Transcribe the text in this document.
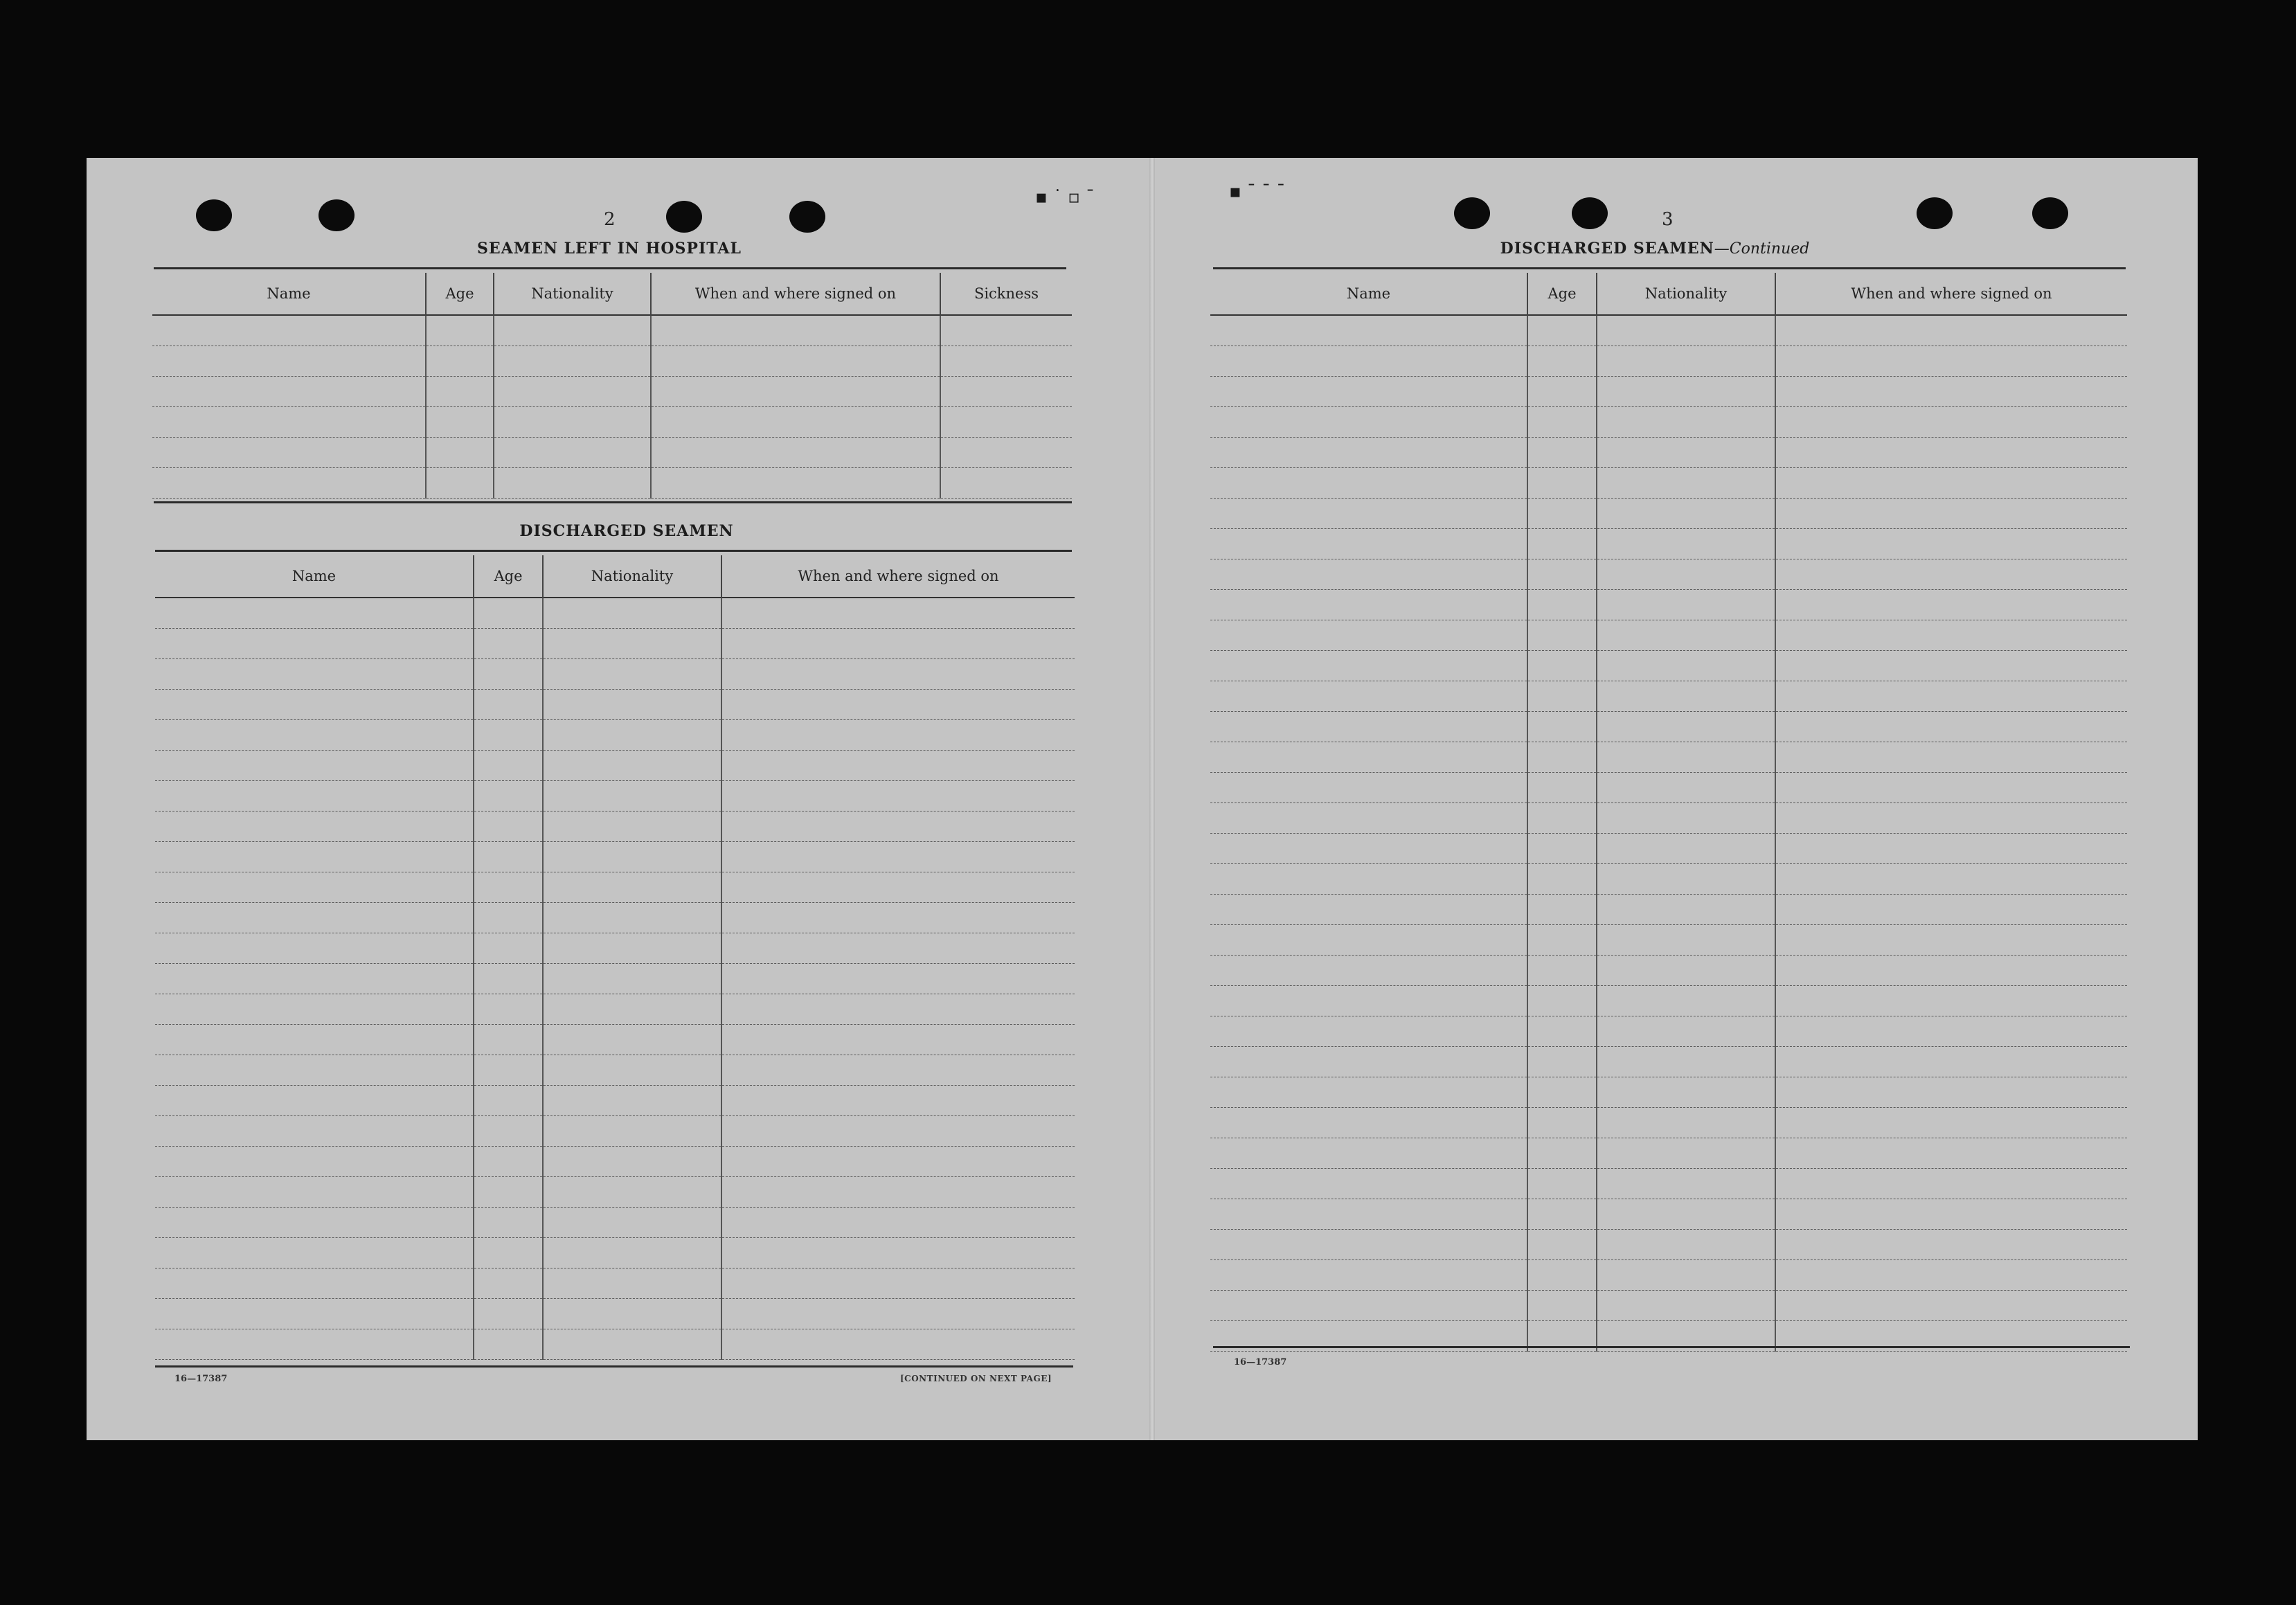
▪ ˙ ▫ ˉ	▪ ˉ ˉ ˉ
2
SEAMEN LEFT IN HOSPITAL
Name	Age	Nationality	When and where signed on	Sickness

DISCHARGED SEAMEN
Name	Age	Nationality	When and where signed on

16—17387	[CONTINUED ON NEXT PAGE]
3
DISCHARGED SEAMEN—Continued
Name	Age	Nationality	When and where signed on

16—17387
